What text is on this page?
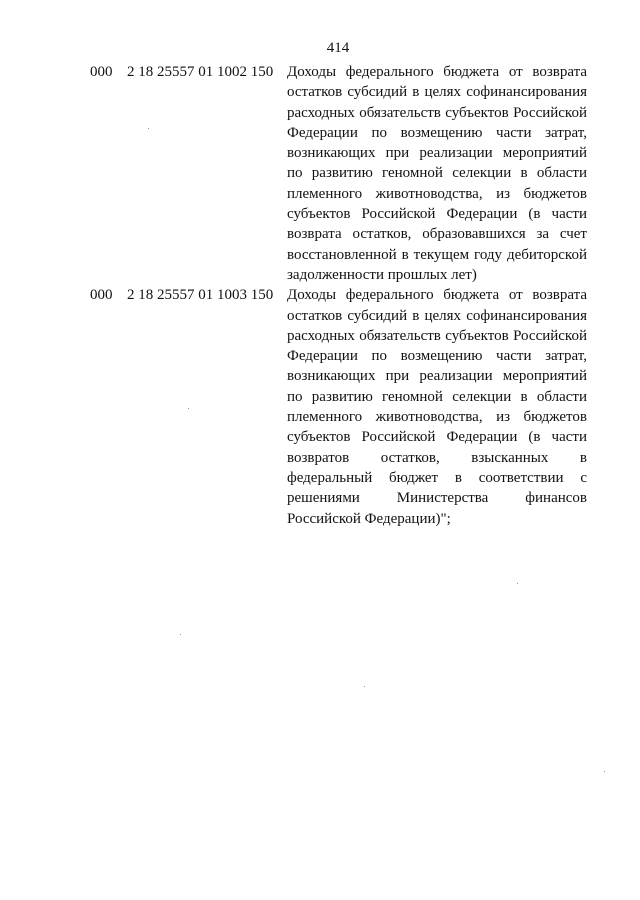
414
000 2 18 25557 01 1002 150 Доходы федерального бюджета от возврата остатков субсидий в целях софинансирования расходных обязательств субъектов Российской Федерации по возмещению части затрат, возникающих при реализации мероприятий по развитию геномной селекции в области племенного животноводства, из бюджетов субъектов Российской Федерации (в части возврата остатков, образовавшихся за счет восстановленной в текущем году дебиторской задолженности прошлых лет)
000 2 18 25557 01 1003 150 Доходы федерального бюджета от возврата остатков субсидий в целях софинансирования расходных обязательств субъектов Российской Федерации по возмещению части затрат, возникающих при реализации мероприятий по развитию геномной селекции в области племенного животноводства, из бюджетов субъектов Российской Федерации (в части возвратов остатков, взысканных в федеральный бюджет в соответствии с решениями Министерства финансов Российской Федерации)";
